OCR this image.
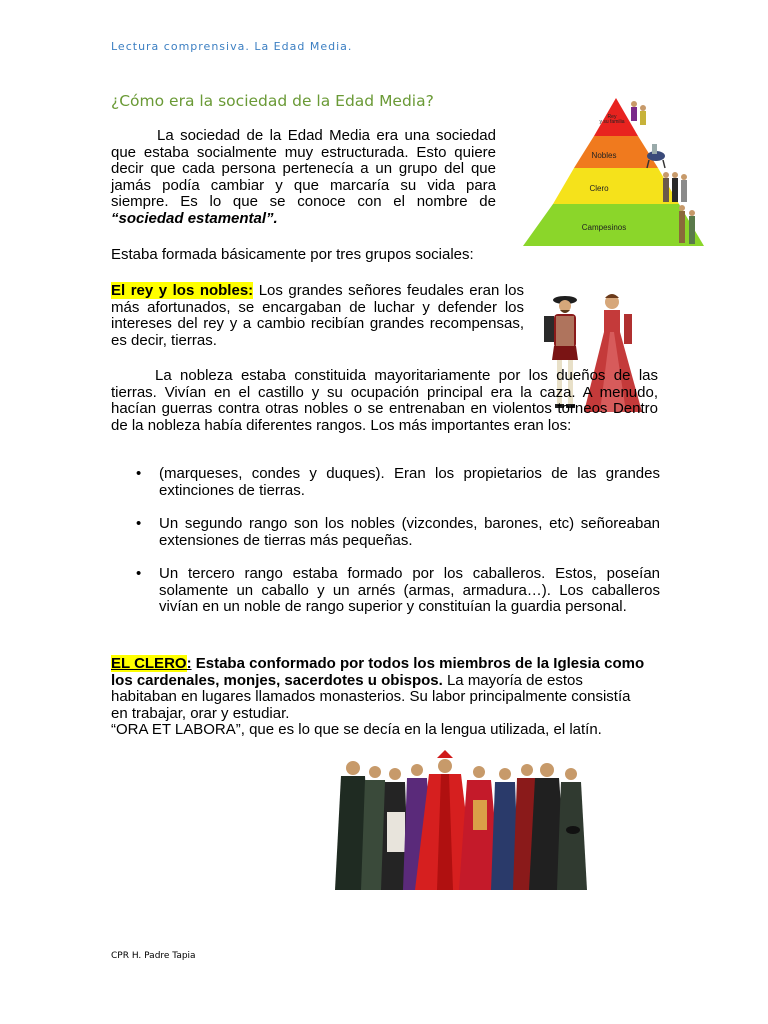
Lectura comprensiva. La Edad Media.
¿Cómo era la sociedad de la Edad Media?
Rey y su familia
Nobles
Clero
Campesinos
La sociedad de la Edad Media era una sociedad que estaba socialmente muy estructurada. Esto quiere decir que cada persona pertenecía a un grupo del que jamás podía cambiar y que marcaría su vida para siempre. Es lo que se conoce con el nombre de “sociedad estamental”.
Estaba formada básicamente por tres grupos sociales:
El rey y los nobles: Los grandes señores feudales eran los más afortunados, se encargaban de luchar y defender los intereses del rey y a cambio recibían grandes recompensas, es decir, tierras.
La nobleza estaba constituida mayoritariamente por los dueños de las tierras. Vivían en el castillo y su ocupación principal era la caza. A menudo, hacían guerras contra otras nobles o se entrenaban en violentos torneos Dentro de la nobleza había diferentes rangos. Los más importantes eran los:
• (marqueses, condes y duques). Eran los propietarios de las grandes extinciones de tierras.
• Un segundo rango son los nobles (vizcondes, barones, etc) señoreaban extensiones de tierras más pequeñas.
• Un tercero rango estaba formado por los caballeros. Estos, poseían solamente un caballo y un arnés (armas, armadura…). Los caballeros vivían en un noble de rango superior y constituían la guardia personal.
EL CLERO: Estaba conformado por todos los miembros de la Iglesia como los cardenales, monjes, sacerdotes u obispos. La mayoría de estos habitaban en lugares llamados monasterios. Su labor principalmente consistía en trabajar, orar y estudiar.
“ORA ET LABORA”, que es lo que se decía en la lengua utilizada, el latín.
CPR H. Padre Tapia
